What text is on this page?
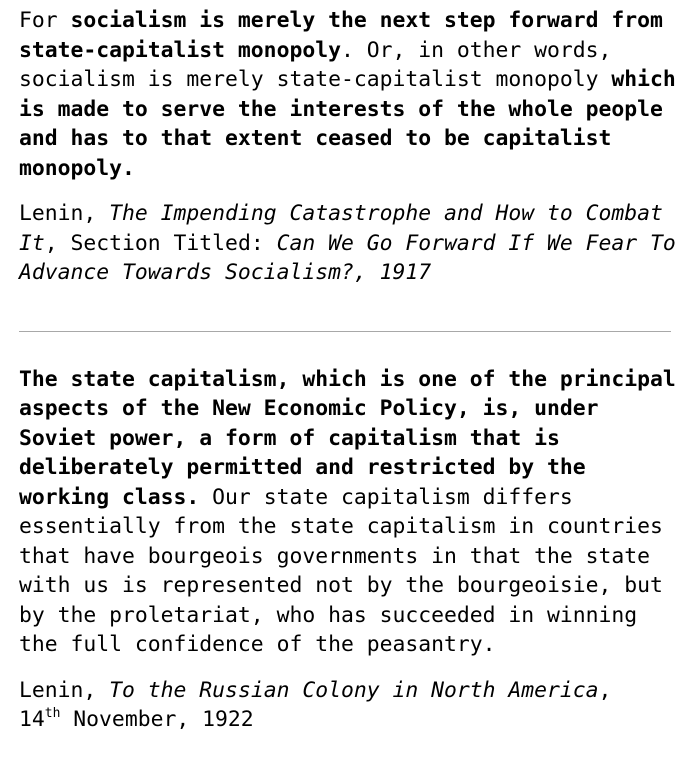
For socialism is merely the next step forward from state-capitalist monopoly. Or, in other words, socialism is merely state-capitalist monopoly which is made to serve the interests of the whole people and has to that extent ceased to be capitalist monopoly.

Lenin, The Impending Catastrophe and How to Combat It, Section Titled: Can We Go Forward If We Fear To Advance Towards Socialism?, 1917

The state capitalism, which is one of the principal aspects of the New Economic Policy, is, under Soviet power, a form of capitalism that is deliberately permitted and restricted by the working class. Our state capitalism differs essentially from the state capitalism in countries that have bourgeois governments in that the state with us is represented not by the bourgeoisie, but by the proletariat, who has succeeded in winning the full confidence of the peasantry.

Lenin, To the Russian Colony in North America,
14th November, 1922
